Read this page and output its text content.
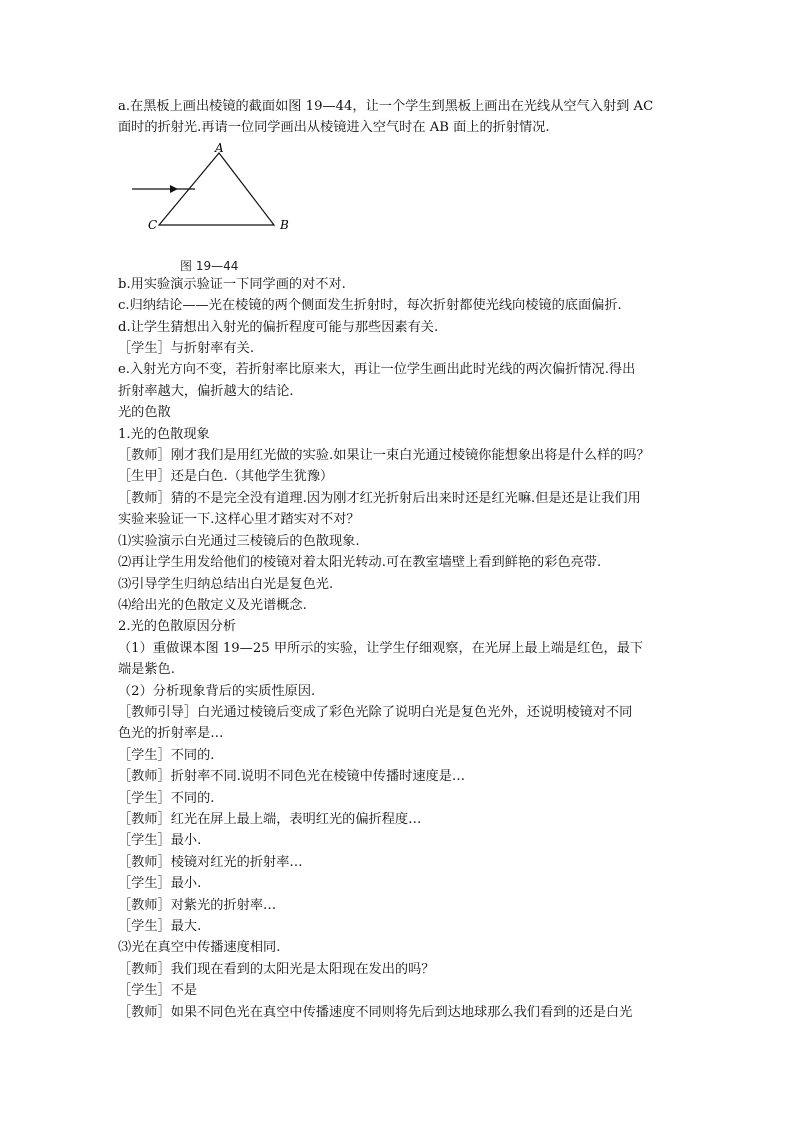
a.在黑板上画出棱镜的截面如图 19—44，让一个学生到黑板上画出在光线从空气入射到 AC
面时的折射光.再请一位同学画出从棱镜进入空气时在 AB 面上的折射情况.
A
C	B
图 19—44
b.用实验演示验证一下同学画的对不对.
c.归纳结论——光在棱镜的两个侧面发生折射时，每次折射都使光线向棱镜的底面偏折.
d.让学生猜想出入射光的偏折程度可能与那些因素有关.
［学生］与折射率有关.
e.入射光方向不变，若折射率比原来大，再让一位学生画出此时光线的两次偏折情况.得出
折射率越大，偏折越大的结论.
光的色散
1.光的色散现象
［教师］刚才我们是用红光做的实验.如果让一束白光通过棱镜你能想象出将是什么样的吗？
［生甲］还是白色.（其他学生犹豫）
［教师］猜的不是完全没有道理.因为刚才红光折射后出来时还是红光嘛.但是还是让我们用
实验来验证一下.这样心里才踏实对不对？
⑴实验演示白光通过三棱镜后的色散现象.
⑵再让学生用发给他们的棱镜对着太阳光转动.可在教室墙壁上看到鲜艳的彩色亮带.
⑶引导学生归纳总结出白光是复色光.
⑷给出光的色散定义及光谱概念.
2.光的色散原因分析
（1）重做课本图 19—25 甲所示的实验，让学生仔细观察，在光屏上最上端是红色，最下
端是紫色.
（2）分析现象背后的实质性原因.
［教师引导］白光通过棱镜后变成了彩色光除了说明白光是复色光外，还说明棱镜对不同
色光的折射率是…
［学生］不同的.
［教师］折射率不同.说明不同色光在棱镜中传播时速度是…
［学生］不同的.
［教师］红光在屏上最上端，表明红光的偏折程度…
［学生］最小.
［教师］棱镜对红光的折射率…
［学生］最小.
［教师］对紫光的折射率…
［学生］最大.
⑶光在真空中传播速度相同.
［教师］我们现在看到的太阳光是太阳现在发出的吗？
［学生］不是
［教师］如果不同色光在真空中传播速度不同则将先后到达地球那么我们看到的还是白光
